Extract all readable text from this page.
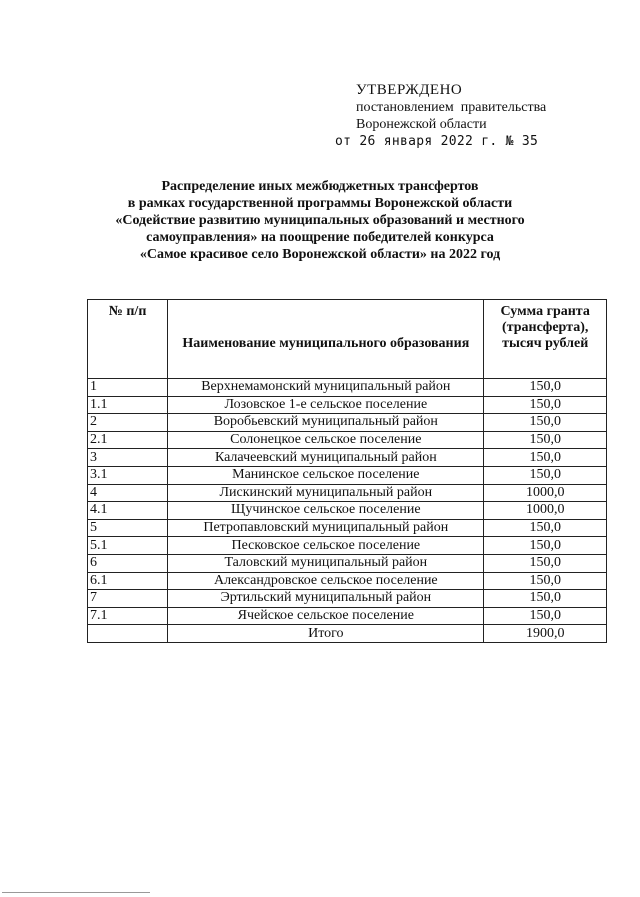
УТВЕРЖДЕНО
постановлением  правительства
Воронежской области
от 26 января 2022 г. № 35
Распределение иных межбюджетных трансфертов
в рамках государственной программы Воронежской области
«Содействие развитию муниципальных образований и местного
самоуправления» на поощрение победителей конкурса
«Самое красивое село Воронежской области» на 2022 год
№ п/п	Наименование муниципального образования	Сумма гранта (трансферта), тысяч рублей
1	Верхнемамонский муниципальный район	150,0
1.1	Лозовское 1-е сельское поселение	150,0
2	Воробьевский муниципальный район	150,0
2.1	Солонецкое сельское поселение	150,0
3	Калачеевский муниципальный район	150,0
3.1	Манинское сельское поселение	150,0
4	Лискинский муниципальный район	1000,0
4.1	Щучинское сельское поселение	1000,0
5	Петропавловский муниципальный район	150,0
5.1	Песковское сельское поселение	150,0
6	Таловский муниципальный район	150,0
6.1	Александровское сельское поселение	150,0
7	Эртильский муниципальный район	150,0
7.1	Ячейское сельское поселение	150,0
	Итого	1900,0
